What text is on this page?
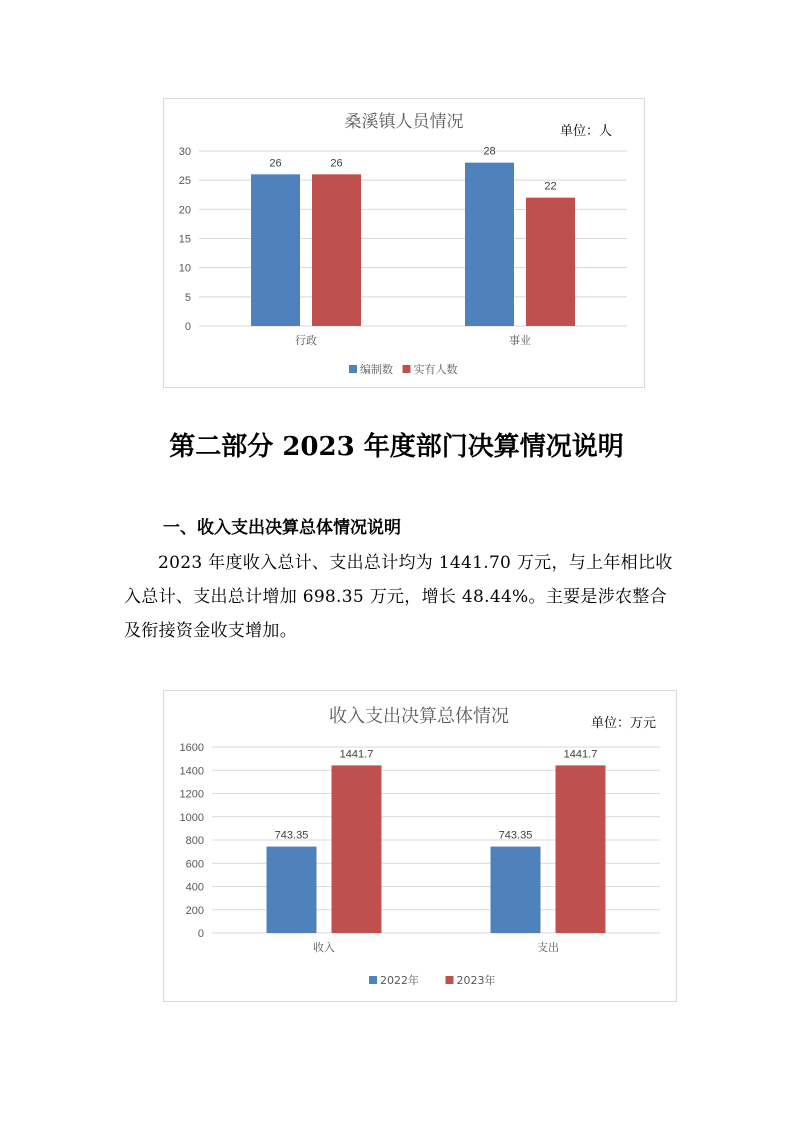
桑溪镇人员情况	单位：人
0
5
10
15
20
25
30
26	26
行政
28
22
事业
编制数 实有人数
第二部分 2023 年度部门决算情况说明
一、收入支出决算总体情况说明

2023 年度收入总计、支出总计均为 1441.70 万元，与上年相比收入总计、支出总计增加 698.35 万元，增长 48.44%。主要是涉农整合及衔接资金收支增加。

收入支出决算总体情况	单位：万元
0
200
400
600
800
1000
1200
1400
1600
743.35
1441.7
收入
743.35
1441.7
支出
2022年	2023年
